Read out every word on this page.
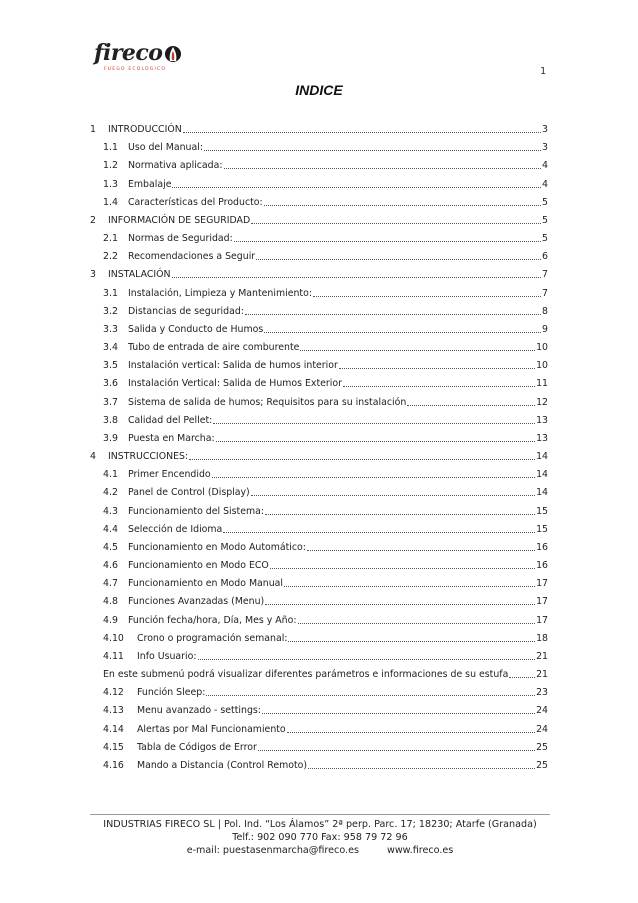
fireco
FUEGO ECOLÓGICO	1
INDICE
1	INTRODUCCIÓN	3
1.1	Uso del Manual:	3
1.2	Normativa aplicada:	4
1.3	Embalaje	4
1.4	Características del Producto:	5
2	INFORMACIÓN DE SEGURIDAD	5
2.1	Normas de Seguridad:	5
2.2	Recomendaciones a Seguir	6
3	INSTALACIÓN	7
3.1	Instalación, Limpieza y Mantenimiento:	7
3.2	Distancias de seguridad:	8
3.3	Salida y Conducto de Humos	9
3.4	Tubo de entrada de aire comburente	10
3.5	Instalación vertical: Salida de humos interior	10
3.6	Instalación Vertical: Salida de Humos Exterior	11
3.7	Sistema de salida de humos; Requisitos para su instalación	12
3.8	Calidad del Pellet:	13
3.9	Puesta en Marcha:	13
4	INSTRUCCIONES:	14
4.1	Primer Encendido	14
4.2	Panel de Control (Display)	14
4.3	Funcionamiento del Sistema:	15
4.4	Selección de Idioma	15
4.5	Funcionamiento en Modo Automático:	16
4.6	Funcionamiento en Modo ECO	16
4.7	Funcionamiento en Modo Manual	17
4.8	Funciones Avanzadas (Menu)	17
4.9	Función fecha/hora, Día, Mes y Año:	17
4.10	Crono o programación semanal:	18
4.11	Info Usuario:	21
En este submenú podrá visualizar diferentes parámetros e informaciones de su estufa	21
4.12	Función Sleep:	23
4.13	Menu avanzado - settings:	24
4.14	Alertas por Mal Funcionamiento	24
4.15	Tabla de Códigos de Error	25
4.16	Mando a Distancia (Control Remoto)	25
INDUSTRIAS FIRECO SL | Pol. Ind. “Los Álamos” 2ª perp. Parc. 17; 18230; Atarfe (Granada)
Telf.: 902 090 770 Fax: 958 79 72 96
e-mail: puestasenmarcha@fireco.es	www.fireco.es
